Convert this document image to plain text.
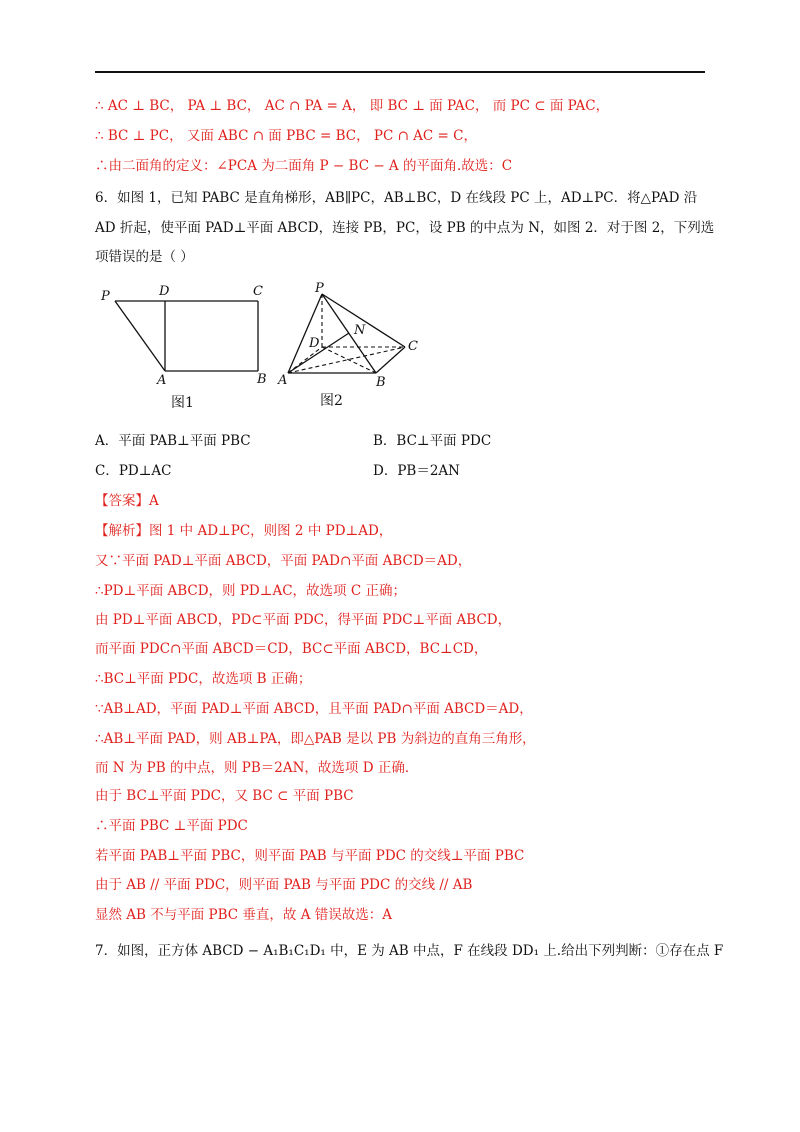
∴ AC ⊥ BC， PA ⊥ BC， AC ∩ PA = A， 即 BC ⊥ 面 PAC， 而 PC ⊂ 面 PAC，
∴ BC ⊥ PC， 又面 ABC ∩ 面 PBC = BC， PC ∩ AC = C，
∴由二面角的定义：∠PCA 为二面角 P − BC − A 的平面角.故选：C
6．如图 1，已知 PABC 是直角梯形，AB∥PC，AB⊥BC，D 在线段 PC 上，AD⊥PC．将△PAD 沿
AD 折起，使平面 PAD⊥平面 ABCD，连接 PB，PC，设 PB 的中点为 N，如图 2．对于图 2，下列选
项错误的是（ ）
P	D	C
A	B
图1
P
N
D	C
A	B
图2
A．平面 PAB⊥平面 PBC	B．BC⊥平面 PDC
C．PD⊥AC	D．PB＝2AN
【答案】A
【解析】图 1 中 AD⊥PC，则图 2 中 PD⊥AD，
又∵平面 PAD⊥平面 ABCD，平面 PAD∩平面 ABCD＝AD，
∴PD⊥平面 ABCD，则 PD⊥AC，故选项 C 正确；
由 PD⊥平面 ABCD，PD⊂平面 PDC，得平面 PDC⊥平面 ABCD，
而平面 PDC∩平面 ABCD＝CD，BC⊂平面 ABCD，BC⊥CD，
∴BC⊥平面 PDC，故选项 B 正确；
∵AB⊥AD，平面 PAD⊥平面 ABCD，且平面 PAD∩平面 ABCD＝AD，
∴AB⊥平面 PAD，则 AB⊥PA，即△PAB 是以 PB 为斜边的直角三角形，
而 N 为 PB 的中点，则 PB＝2AN，故选项 D 正确．
由于 BC⊥平面 PDC，又 BC ⊂ 平面 PBC
∴平面 PBC ⊥平面 PDC
若平面 PAB⊥平面 PBC，则平面 PAB 与平面 PDC 的交线⊥平面 PBC
由于 AB // 平面 PDC，则平面 PAB 与平面 PDC 的交线 // AB
显然 AB 不与平面 PBC 垂直，故 A 错误故选：A
7．如图，正方体 ABCD − A₁B₁C₁D₁ 中，E 为 AB 中点，F 在线段 DD₁ 上.给出下列判断：①存在点 F
